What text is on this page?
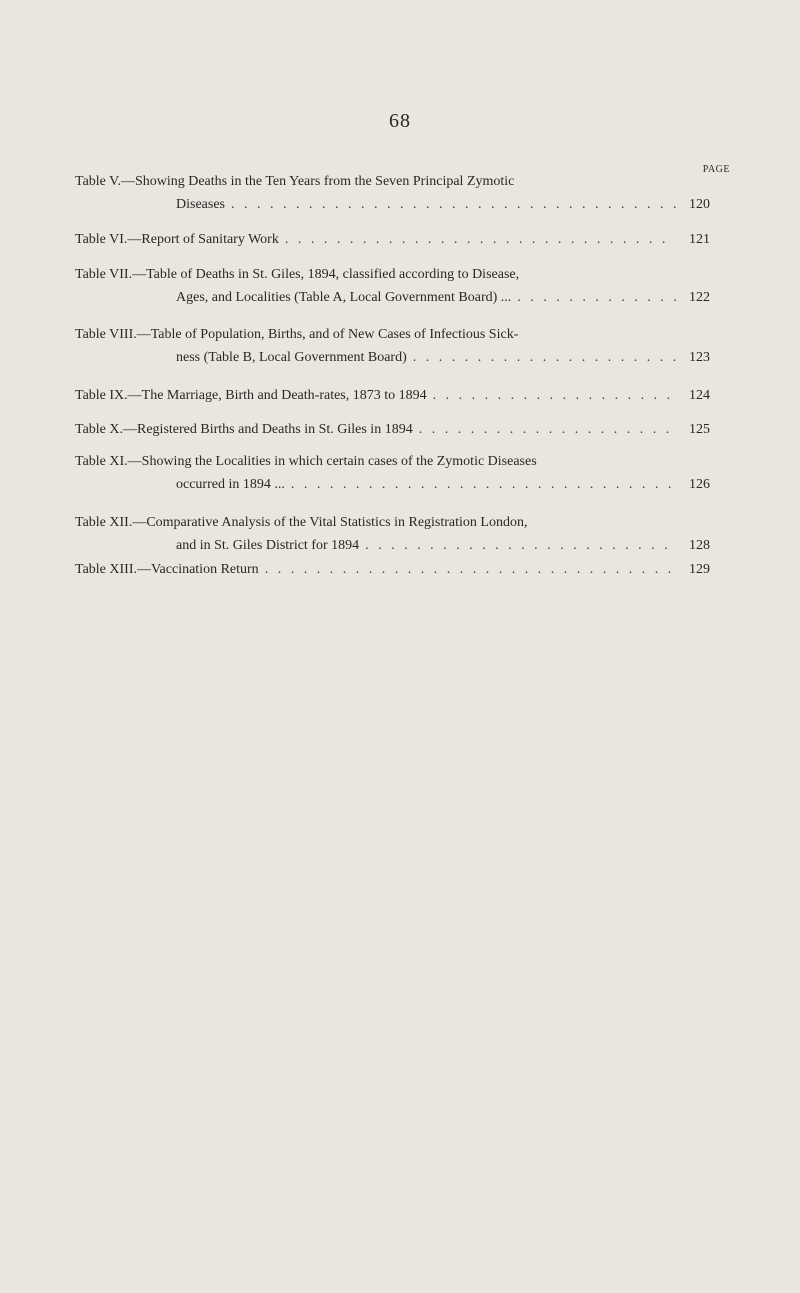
68
PAGE
Table V.—Showing Deaths in the Ten Years from the Seven Principal Zymotic
Diseases . . .	120
Table VI.—Report of Sanitary Work . . .	121
Table VII.—Table of Deaths in St. Giles, 1894, classified according to Disease,
Ages, and Localities (Table A, Local Government Board) ... . . .	122
Table VIII.—Table of Population, Births, and of New Cases of Infectious Sick-
ness (Table B, Local Government Board) . . .	123
Table IX.—The Marriage, Birth and Death-rates, 1873 to 1894 . . .	124
Table X.—Registered Births and Deaths in St. Giles in 1894 . . .	125
Table XI.—Showing the Localities in which certain cases of the Zymotic Diseases
occurred in 1894 ... . . .	126
Table XII.—Comparative Analysis of the Vital Statistics in Registration London,
and in St. Giles District for 1894 . . .	128
Table XIII.—Vaccination Return . . .	129
